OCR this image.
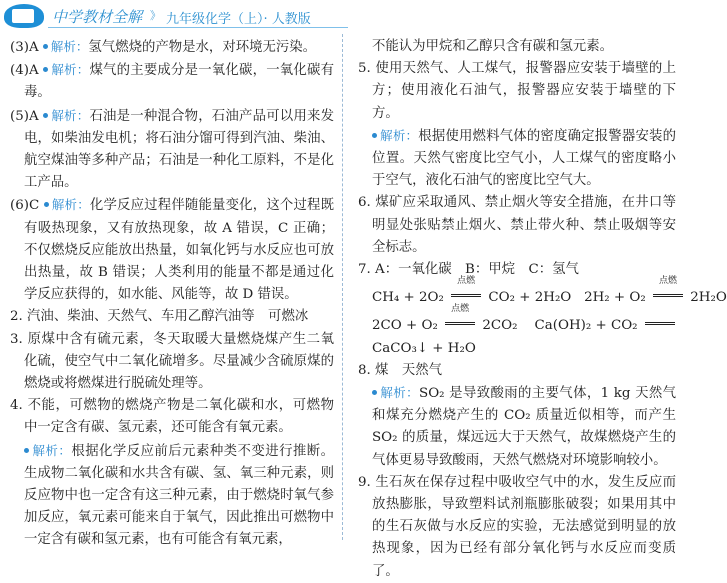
中学教材全解 》 九年级化学（上）· 人教版

(3)A 解析：氢气燃烧的产物是水，对环境无污染。

(4)A 解析：煤气的主要成分是一氧化碳，一氧化碳有毒。

(5)A 解析：石油是一种混合物，石油产品可以用来发电，如柴油发电机；将石油分馏可得到汽油、柴油、航空煤油等多种产品；石油是一种化工原料，不是化工产品。

(6)C 解析：化学反应过程伴随能量变化，这个过程既有吸热现象，又有放热现象，故 A 错误，C 正确；不仅燃烧反应能放出热量，如氧化钙与水反应也可放出热量，故 B 错误；人类利用的能量不都是通过化学反应获得的，如水能、风能等，故 D 错误。

2. 汽油、柴油、天然气、车用乙醇汽油等　可燃冰

3. 原煤中含有硫元素，冬天取暖大量燃烧煤产生二氧化硫，使空气中二氧化硫增多。尽量减少含硫原煤的燃烧或将燃煤进行脱硫处理等。

4. 不能，可燃物的燃烧产物是二氧化碳和水，可燃物中一定含有碳、氢元素，还可能含有氧元素。

解析：根据化学反应前后元素种类不变进行推断。生成物二氧化碳和水共含有碳、氢、氧三种元素，则反应物中也一定含有这三种元素，由于燃烧时氧气参加反应，氧元素可能来自于氧气，因此推出可燃物中一定含有碳和氢元素，也有可能含有氧元素，

不能认为甲烷和乙醇只含有碳和氢元素。

5. 使用天然气、人工煤气，报警器应安装于墙壁的上方；使用液化石油气，报警器应安装于墙壁的下方。

解析：根据使用燃料气体的密度确定报警器安装的位置。天然气密度比空气小，人工煤气的密度略小于空气，液化石油气的密度比空气大。

6. 煤矿应采取通风、禁止烟火等安全措施，在井口等明显处张贴禁止烟火、禁止带火种、禁止吸烟等安全标志。

7. A：一氧化碳　B：甲烷　C：氢气

CH₄ + 2O₂
点燃
CO₂ + 2H₂O 2H₂ + O₂
点燃
2H₂O

2CO + O₂
点燃
2CO₂ Ca(OH)₂ + CO₂

CaCO₃↓ + H₂O

8. 煤　天然气

解析：SO₂ 是导致酸雨的主要气体，1 kg 天然气和煤充分燃烧产生的 CO₂ 质量近似相等，而产生 SO₂ 的质量，煤远远大于天然气，故煤燃烧产生的气体更易导致酸雨，天然气燃烧对环境影响较小。

9. 生石灰在保存过程中吸收空气中的水，发生反应而放热膨胀，导致塑料试剂瓶膨胀破裂；如果用其中的生石灰做与水反应的实验，无法感觉到明显的放热现象，因为已经有部分氧化钙与水反应而变质了。
